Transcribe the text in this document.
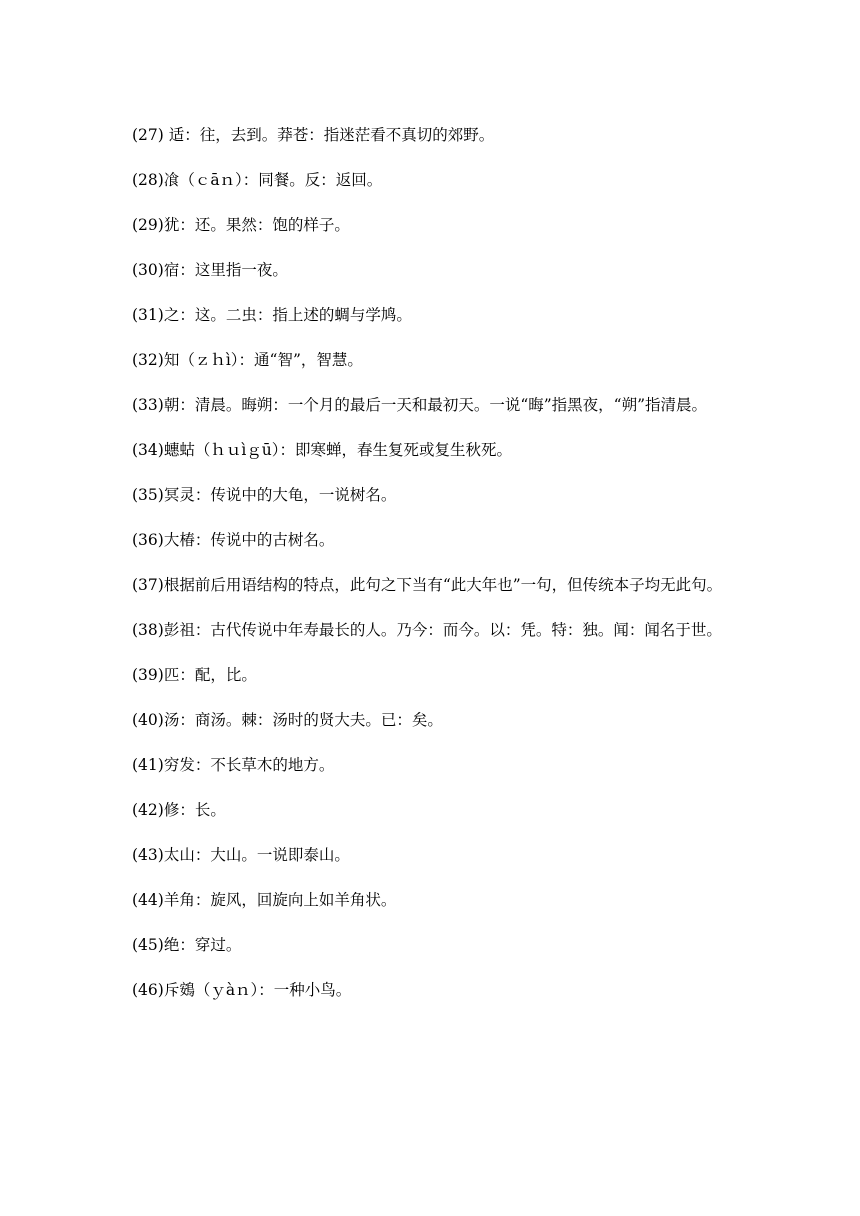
(27) 适：往，去到。莽苍：指迷茫看不真切的郊野。

(28)飡（ｃāｎ）：同餐。反：返回。

(29)犹：还。果然：饱的样子。

(30)宿：这里指一夜。

(31)之：这。二虫：指上述的蜩与学鸠。

(32)知（ｚｈì）：通“智”，智慧。

(33)朝：清晨。晦朔：一个月的最后一天和最初天。一说“晦”指黑夜，“朔”指清晨。

(34)蟪蛄（ｈｕìｇū）：即寒蝉，春生复死或复生秋死。

(35)冥灵：传说中的大龟，一说树名。

(36)大椿：传说中的古树名。

(37)根据前后用语结构的特点，此句之下当有“此大年也”一句，但传统本子均无此句。

(38)彭祖：古代传说中年寿最长的人。乃今：而今。以：凭。特：独。闻：闻名于世。

(39)匹：配，比。

(40)汤：商汤。棘：汤时的贤大夫。已：矣。

(41)穷发：不长草木的地方。

(42)修：长。

(43)太山：大山。一说即泰山。

(44)羊角：旋风，回旋向上如羊角状。

(45)绝：穿过。

(46)斥鴳（ｙàｎ）：一种小鸟。
